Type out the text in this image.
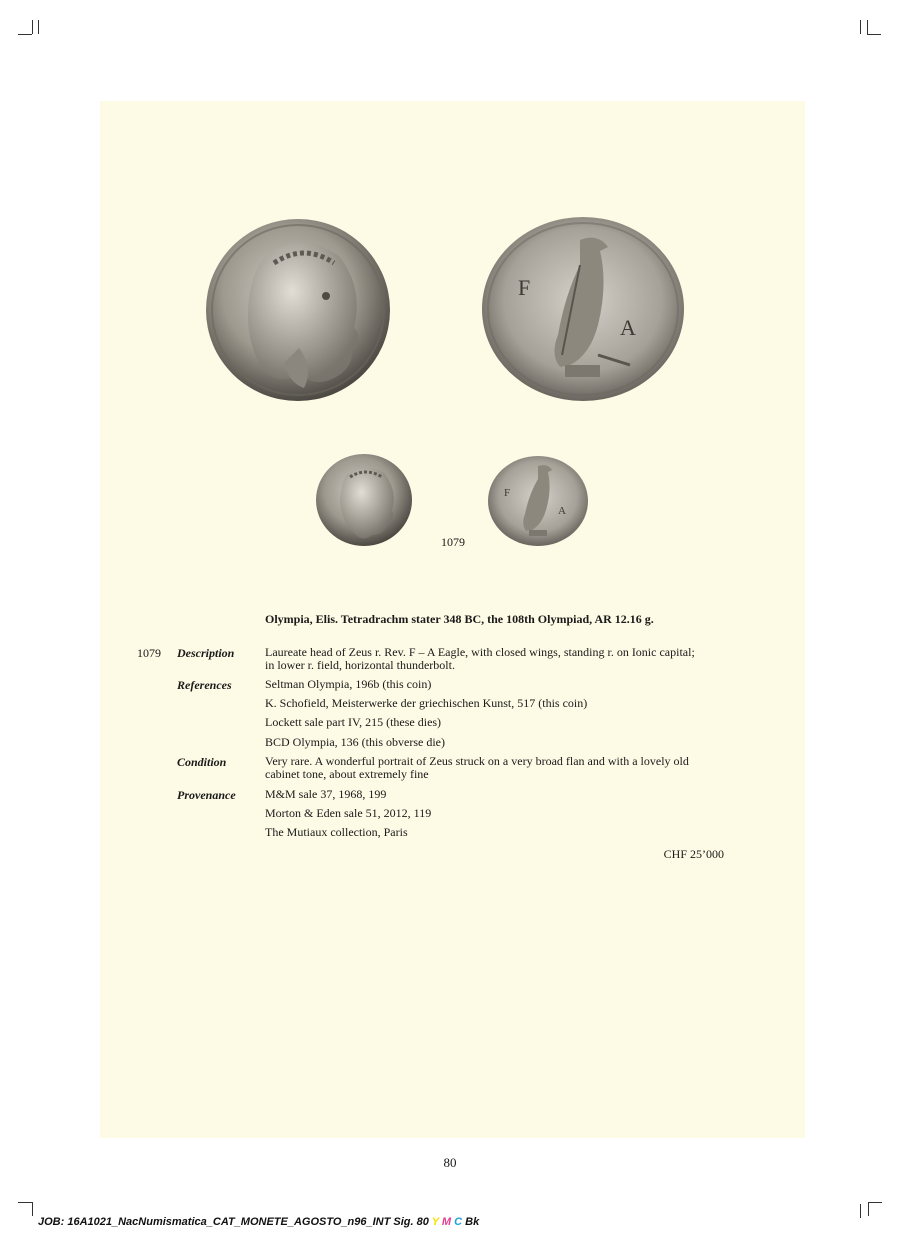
F
A
F
A
1079
Olympia, Elis. Tetradrachm stater 348 BC, the 108th Olympiad, AR 12.16 g.
1079 Description	Laureate head of Zeus r. Rev. F – A Eagle, with closed wings, standing r. on Ionic capital;
in lower r. field, horizontal thunderbolt.
References	Seltman Olympia, 196b (this coin)
K. Schofield, Meisterwerke der griechischen Kunst, 517 (this coin)
Lockett sale part IV, 215 (these dies)
BCD Olympia, 136 (this obverse die)
Condition	Very rare. A wonderful portrait of Zeus struck on a very broad flan and with a lovely old
cabinet tone, about extremely fine
Provenance M&M sale 37, 1968, 199
Morton & Eden sale 51, 2012, 119
The Mutiaux collection, Paris
CHF 25’000
80
JOB: 16A1021_NacNumismatica_CAT_MONETE_AGOSTO_n96_INT Sig. 80 Y M C Bk
